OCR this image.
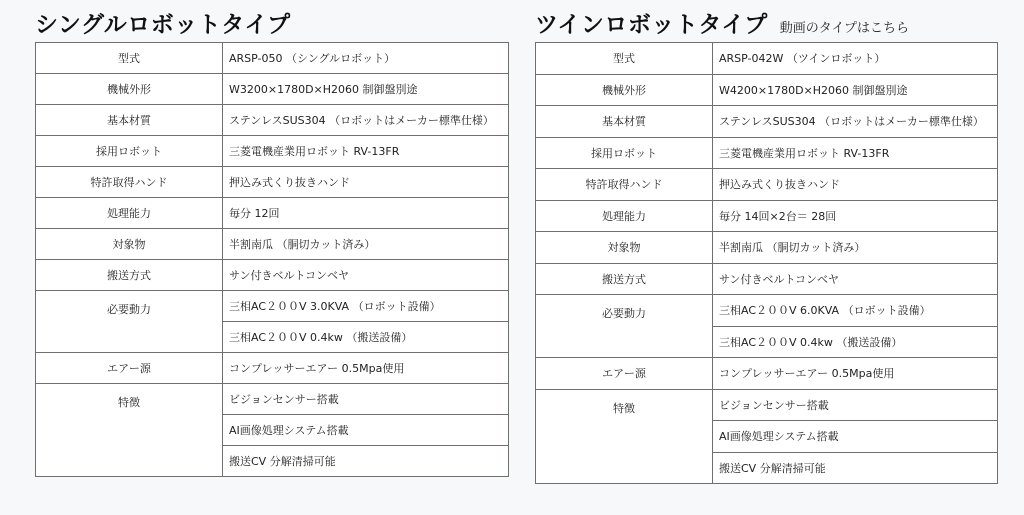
シングルロボットタイプ
型式	ARSP-050 （シングルロボット）
機械外形	W3200×1780D×H2060 制御盤別途
基本材質	ステンレスSUS304 （ロボットはメーカー標準仕様）
採用ロボット	三菱電機産業用ロボット RV-13FR
特許取得ハンド	押込み式くり抜きハンド
処理能力	毎分 12回
対象物	半割南瓜 （胴切カット済み）
搬送方式	サン付きベルトコンベヤ
必要動力	三相AC２００V 3.0KVA （ロボット設備）
	三相AC２００V 0.4kw （搬送設備）
エアー源	コンプレッサーエアー 0.5Mpa使用
特徴	ビジョンセンサー搭載
	AI画像処理システム搭載
	搬送CV 分解清掃可能
ツインロボットタイプ 動画のタイプはこちら
型式	ARSP-042W （ツインロボット）
機械外形	W4200×1780D×H2060 制御盤別途
基本材質	ステンレスSUS304 （ロボットはメーカー標準仕様）
採用ロボット	三菱電機産業用ロボット RV-13FR
特許取得ハンド	押込み式くり抜きハンド
処理能力	毎分 14回×2台＝ 28回
対象物	半割南瓜 （胴切カット済み）
搬送方式	サン付きベルトコンベヤ
必要動力	三相AC２００V 6.0KVA （ロボット設備）
	三相AC２００V 0.4kw （搬送設備）
エアー源	コンプレッサーエアー 0.5Mpa使用
特徴	ビジョンセンサー搭載
	AI画像処理システム搭載
	搬送CV 分解清掃可能
